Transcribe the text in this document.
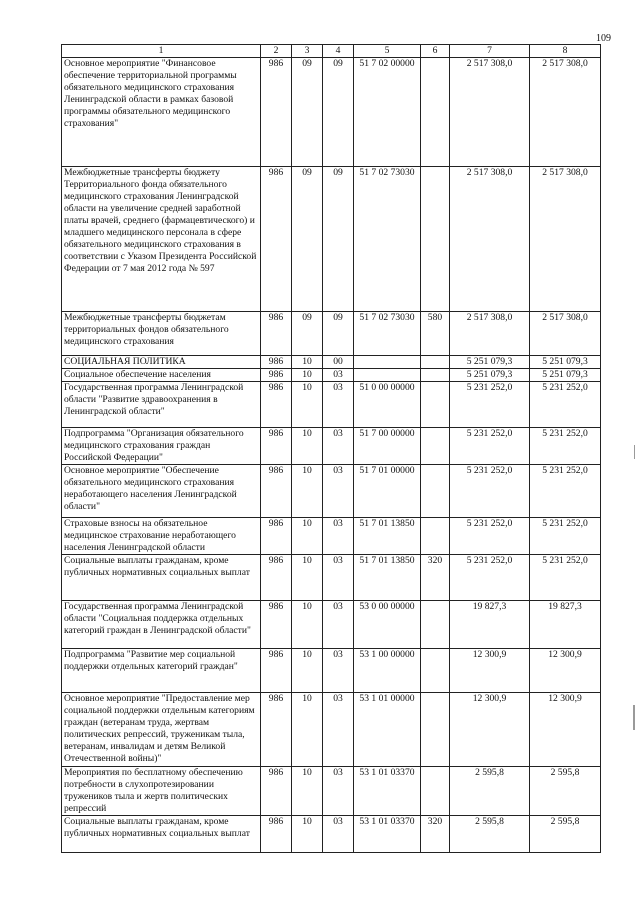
109
1	2	3	4	5	6	7	8
Основное мероприятие "Финансовое обеспечение территориальной программы обязательного медицинского страхования Ленинградской области в рамках базовой программы обязательного медицинского страхования"	986	09	09	51 7 02 00000		2 517 308,0	2 517 308,0
Межбюджетные трансферты бюджету Территориального фонда обязательного медицинского страхования Ленинградской области на увеличение средней заработной платы врачей, среднего (фармацевтического) и младшего медицинского персонала в сфере обязательного медицинского страхования в соответствии с Указом Президента Российской Федерации от 7 мая 2012 года № 597	986	09	09	51 7 02 73030		2 517 308,0	2 517 308,0
Межбюджетные трансферты бюджетам территориальных фондов обязательного медицинского страхования	986	09	09	51 7 02 73030	580	2 517 308,0	2 517 308,0
СОЦИАЛЬНАЯ ПОЛИТИКА	986	10	00			5 251 079,3	5 251 079,3
Социальное обеспечение населения	986	10	03			5 251 079,3	5 251 079,3
Государственная программа Ленинградской области "Развитие здравоохранения в Ленинградской области"	986	10	03	51 0 00 00000		5 231 252,0	5 231 252,0
Подпрограмма "Организация обязательного медицинского страхования граждан Российской Федерации"	986	10	03	51 7 00 00000		5 231 252,0	5 231 252,0
Основное мероприятие "Обеспечение обязательного медицинского страхования неработающего населения Ленинградской области"	986	10	03	51 7 01 00000		5 231 252,0	5 231 252,0
Страховые взносы на обязательное медицинское страхование неработающего населения Ленинградской области	986	10	03	51 7 01 13850		5 231 252,0	5 231 252,0
Социальные выплаты гражданам, кроме публичных нормативных социальных выплат	986	10	03	51 7 01 13850	320	5 231 252,0	5 231 252,0
Государственная программа Ленинградской области "Социальная поддержка отдельных категорий граждан в Ленинградской области"	986	10	03	53 0 00 00000		19 827,3	19 827,3
Подпрограмма "Развитие мер социальной поддержки отдельных категорий граждан"	986	10	03	53 1 00 00000		12 300,9	12 300,9
Основное мероприятие "Предоставление мер социальной поддержки отдельным категориям граждан (ветеранам труда, жертвам политических репрессий, труженикам тыла, ветеранам, инвалидам и детям Великой Отечественной войны)"	986	10	03	53 1 01 00000		12 300,9	12 300,9
Мероприятия по бесплатному обеспечению потребности в слухопротезировании тружеников тыла и жертв политических репрессий	986	10	03	53 1 01 03370		2 595,8	2 595,8
Социальные выплаты гражданам, кроме публичных нормативных социальных выплат	986	10	03	53 1 01 03370	320	2 595,8	2 595,8
